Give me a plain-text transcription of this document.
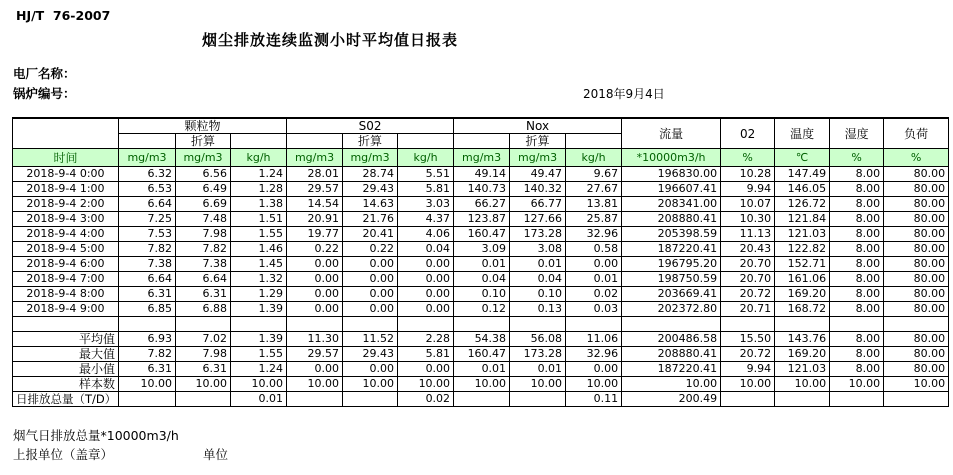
HJ/T  76-2007
烟尘排放连续监测小时平均值日报表
电厂名称：
锅炉编号：	2018年9月4日
	颗粒物			S02			Nox			流量	02	温度	湿度	负荷
		折算			折算			折算						
时间	mg/m3	mg/m3	kg/h	mg/m3	mg/m3	kg/h	mg/m3	mg/m3	kg/h	*10000m3/h	%	℃	%	%
2018-9-4 0:00	6.32	6.56	1.24	28.01	28.74	5.51	49.14	49.47	9.67	196830.00	10.28	147.49	8.00	80.00
2018-9-4 1:00	6.53	6.49	1.28	29.57	29.43	5.81	140.73	140.32	27.67	196607.41	9.94	146.05	8.00	80.00
2018-9-4 2:00	6.64	6.69	1.38	14.54	14.63	3.03	66.27	66.77	13.81	208341.00	10.07	126.72	8.00	80.00
2018-9-4 3:00	7.25	7.48	1.51	20.91	21.76	4.37	123.87	127.66	25.87	208880.41	10.30	121.84	8.00	80.00
2018-9-4 4:00	7.53	7.98	1.55	19.77	20.41	4.06	160.47	173.28	32.96	205398.59	11.13	121.03	8.00	80.00
2018-9-4 5:00	7.82	7.82	1.46	0.22	0.22	0.04	3.09	3.08	0.58	187220.41	20.43	122.82	8.00	80.00
2018-9-4 6:00	7.38	7.38	1.45	0.00	0.00	0.00	0.01	0.01	0.00	196795.20	20.70	152.71	8.00	80.00
2018-9-4 7:00	6.64	6.64	1.32	0.00	0.00	0.00	0.04	0.04	0.01	198750.59	20.70	161.06	8.00	80.00
2018-9-4 8:00	6.31	6.31	1.29	0.00	0.00	0.00	0.10	0.10	0.02	203669.41	20.72	169.20	8.00	80.00
2018-9-4 9:00	6.85	6.88	1.39	0.00	0.00	0.00	0.12	0.13	0.03	202372.80	20.71	168.72	8.00	80.00

平均值	6.93	7.02	1.39	11.30	11.52	2.28	54.38	56.08	11.06	200486.58	15.50	143.76	8.00	80.00
最大值	7.82	7.98	1.55	29.57	29.43	5.81	160.47	173.28	32.96	208880.41	20.72	169.20	8.00	80.00
最小值	6.31	6.31	1.24	0.00	0.00	0.00	0.01	0.01	0.00	187220.41	9.94	121.03	8.00	80.00
样本数	10.00	10.00	10.00	10.00	10.00	10.00	10.00	10.00	10.00	10.00	10.00	10.00	10.00	10.00
日排放总量（T/D）			0.01			0.02			0.11	200.49				
烟气日排放总量*10000m3/h
上报单位（盖章）	单位
